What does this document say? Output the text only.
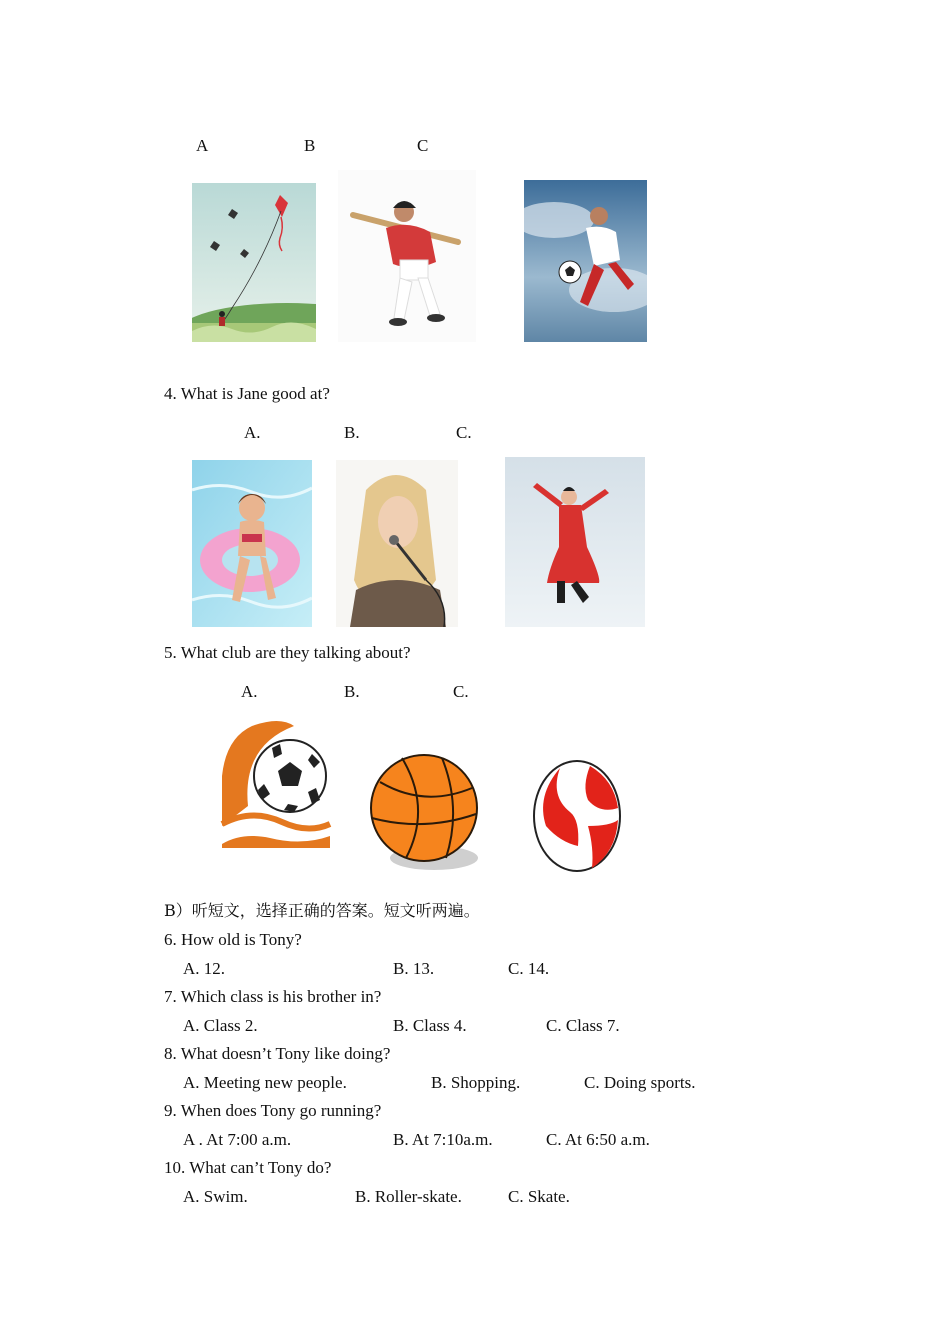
A	B	C
4. What is Jane good at?
A.	B.	C.
5. What club are they talking about?
A.	B.	C.
B）听短文，选择正确的答案。短文听两遍。
6. How old is Tony?
A. 12.	B. 13.	C. 14.
7. Which class is his brother in?
A. Class 2.	B. Class 4.	C. Class 7.
8. What doesn’t Tony like doing?
A. Meeting new people.	B. Shopping.	C. Doing sports.
9. When does Tony go running?
A . At 7:00 a.m.	B. At 7:10a.m.	C. At 6:50 a.m.
10. What can’t Tony do?
A. Swim.	B. Roller-skate.	C. Skate.
